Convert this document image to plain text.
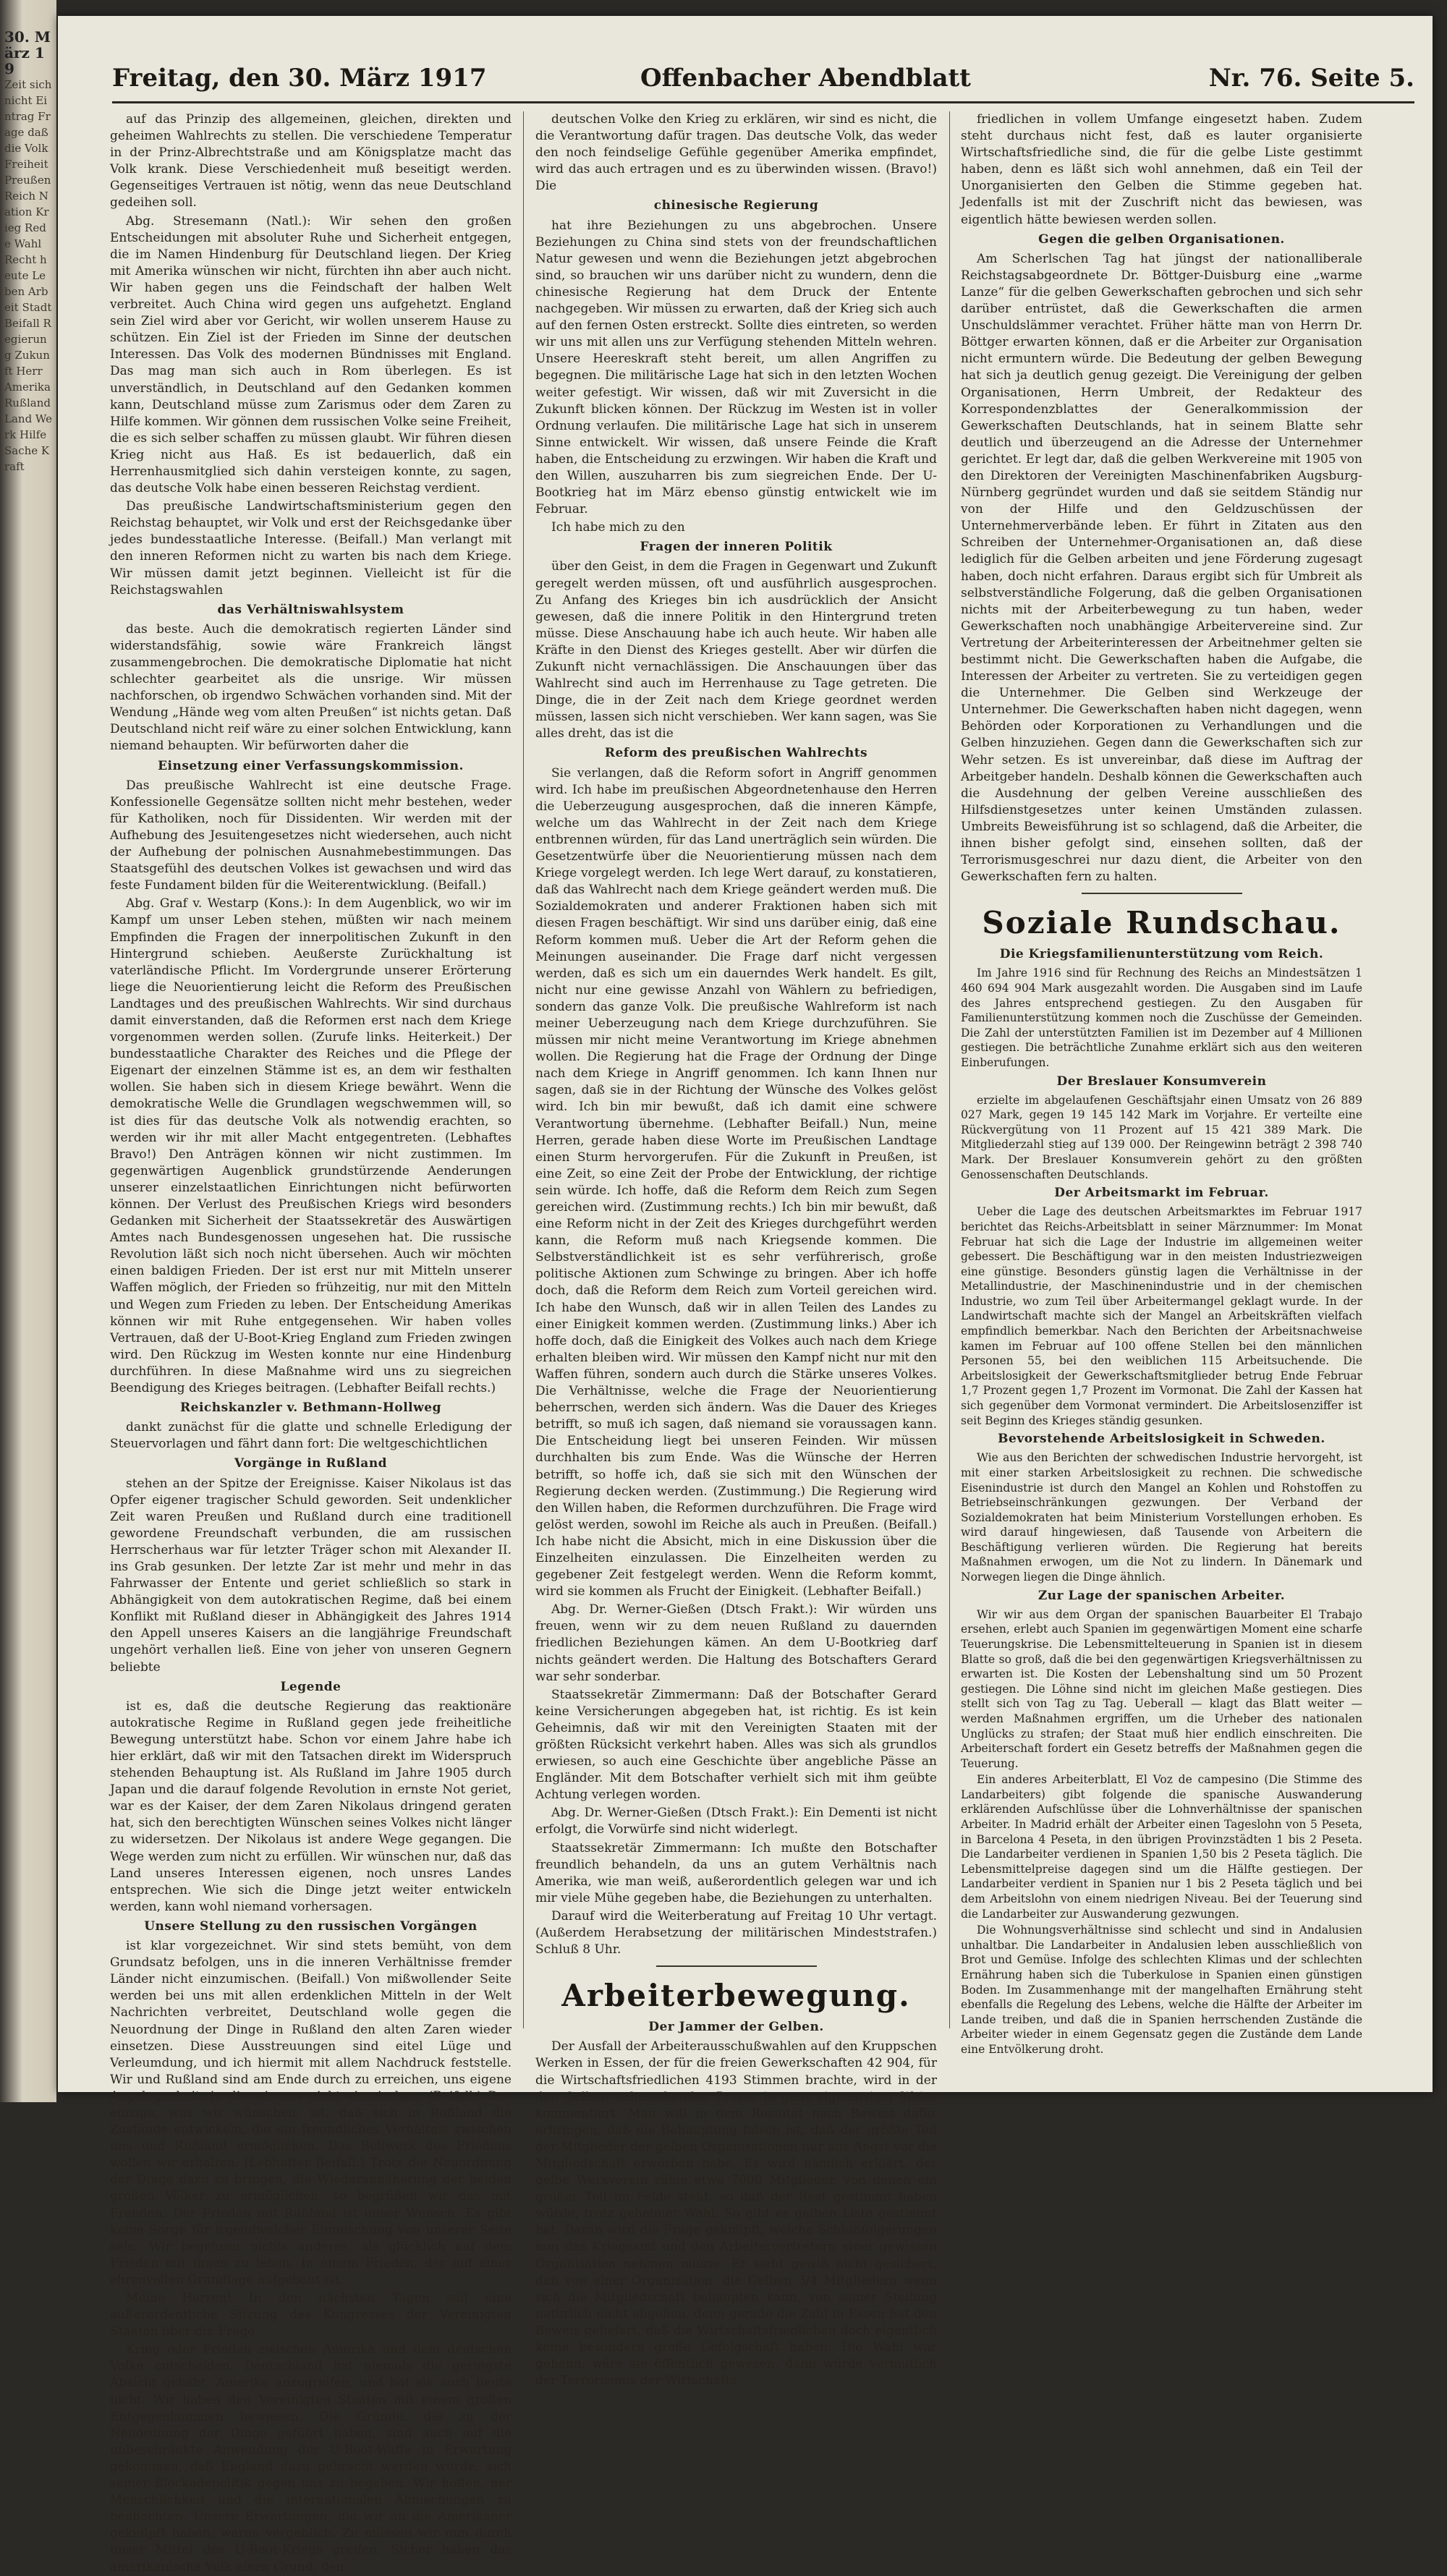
30. März 19
Zeit sich nicht Eintrag Frage daß die Volk Freiheit Preußen Reich Nation Krieg Rede Wahl Recht heute Leben Arbeit Stadt Beifall Regierung Zukunft Herr Amerika Rußland Land Werk Hilfe Sache Kraft
Freitag, den 30. März 1917	Offenbacher Abendblatt	Nr. 76. Seite 5.

auf das Prinzip des allgemeinen, gleichen, direkten und geheimen Wahlrechts zu stellen. Die verschiedene Temperatur in der Prinz-Albrechtstraße und am Königsplatze macht das Volk krank. Diese Verschiedenheit muß beseitigt werden. Gegenseitiges Vertrauen ist nötig, wenn das neue Deutschland gedeihen soll.

Abg. Stresemann (Natl.): Wir sehen den großen Entscheidungen mit absoluter Ruhe und Sicherheit entgegen, die im Namen Hindenburg für Deutschland liegen. Der Krieg mit Amerika wünschen wir nicht, fürchten ihn aber auch nicht. Wir haben gegen uns die Feindschaft der halben Welt verbreitet. Auch China wird gegen uns aufgehetzt. England sein Ziel wird aber vor Gericht, wir wollen unserem Hause zu schützen. Ein Ziel ist der Frieden im Sinne der deutschen Interessen. Das Volk des modernen Bündnisses mit England. Das mag man sich auch in Rom überlegen. Es ist unverständlich, in Deutschland auf den Gedanken kommen kann, Deutschland müsse zum Zarismus oder dem Zaren zu Hilfe kommen. Wir gönnen dem russischen Volke seine Freiheit, die es sich selber schaffen zu müssen glaubt. Wir führen diesen Krieg nicht aus Haß. Es ist bedauerlich, daß ein Herrenhausmitglied sich dahin versteigen konnte, zu sagen, das deutsche Volk habe einen besseren Reichstag verdient.

Das preußische Landwirtschaftsministerium gegen den Reichstag behauptet, wir Volk und erst der Reichsgedanke über jedes bundesstaatliche Interesse. (Beifall.) Man verlangt mit den inneren Reformen nicht zu warten bis nach dem Kriege. Wir müssen damit jetzt beginnen. Vielleicht ist für die Reichstagswahlen

das Verhältniswahlsystem

das beste. Auch die demokratisch regierten Länder sind widerstandsfähig, sowie wäre Frankreich längst zusammengebrochen. Die demokratische Diplomatie hat nicht schlechter gearbeitet als die unsrige. Wir müssen nachforschen, ob irgendwo Schwächen vorhanden sind. Mit der Wendung „Hände weg vom alten Preußen“ ist nichts getan. Daß Deutschland nicht reif wäre zu einer solchen Entwicklung, kann niemand behaupten. Wir befürworten daher die

Einsetzung einer Verfassungskommission.

Das preußische Wahlrecht ist eine deutsche Frage. Konfessionelle Gegensätze sollten nicht mehr bestehen, weder für Katholiken, noch für Dissidenten. Wir werden mit der Aufhebung des Jesuitengesetzes nicht wiedersehen, auch nicht der Aufhebung der polnischen Ausnahmebestimmungen. Das Staatsgefühl des deutschen Volkes ist gewachsen und wird das feste Fundament bilden für die Weiterentwicklung. (Beifall.)

Abg. Graf v. Westarp (Kons.): In dem Augenblick, wo wir im Kampf um unser Leben stehen, müßten wir nach meinem Empfinden die Fragen der innerpolitischen Zukunft in den Hintergrund schieben. Aeußerste Zurückhaltung ist vaterländische Pflicht. Im Vordergrunde unserer Erörterung liege die Neuorientierung leicht die Reform des Preußischen Landtages und des preußischen Wahlrechts. Wir sind durchaus damit einverstanden, daß die Reformen erst nach dem Kriege vorgenommen werden sollen. (Zurufe links. Heiterkeit.) Der bundesstaatliche Charakter des Reiches und die Pflege der Eigenart der einzelnen Stämme ist es, an dem wir festhalten wollen. Sie haben sich in diesem Kriege bewährt. Wenn die demokratische Welle die Grundlagen wegschwemmen will, so ist dies für das deutsche Volk als notwendig erachten, so werden wir ihr mit aller Macht entgegentreten. (Lebhaftes Bravo!) Den Anträgen können wir nicht zustimmen. Im gegenwärtigen Augenblick grundstürzende Aenderungen unserer einzelstaatlichen Einrichtungen nicht befürworten können. Der Verlust des Preußischen Kriegs wird besonders Gedanken mit Sicherheit der Staatssekretär des Auswärtigen Amtes nach Bundesgenossen ungesehen hat. Die russische Revolution läßt sich noch nicht übersehen. Auch wir möchten einen baldigen Frieden. Der ist erst nur mit Mitteln unserer Waffen möglich, der Frieden so frühzeitig, nur mit den Mitteln und Wegen zum Frieden zu leben. Der Entscheidung Amerikas können wir mit Ruhe entgegensehen. Wir haben volles Vertrauen, daß der U-Boot-Krieg England zum Frieden zwingen wird. Den Rückzug im Westen konnte nur eine Hindenburg durchführen. In diese Maßnahme wird uns zu siegreichen Beendigung des Krieges beitragen. (Lebhafter Beifall rechts.)

Reichskanzler v. Bethmann-Hollweg

dankt zunächst für die glatte und schnelle Erledigung der Steuervorlagen und fährt dann fort: Die weltgeschichtlichen

Vorgänge in Rußland

stehen an der Spitze der Ereignisse. Kaiser Nikolaus ist das Opfer eigener tragischer Schuld geworden. Seit undenklicher Zeit waren Preußen und Rußland durch eine traditionell gewordene Freundschaft verbunden, die am russischen Herrscherhaus war für letzter Träger schon mit Alexander II. ins Grab gesunken. Der letzte Zar ist mehr und mehr in das Fahrwasser der Entente und geriet schließlich so stark in Abhängigkeit von dem autokratischen Regime, daß bei einem Konflikt mit Rußland dieser in Abhängigkeit des Jahres 1914 den Appell unseres Kaisers an die langjährige Freundschaft ungehört verhallen ließ. Eine von jeher von unseren Gegnern beliebte

Legende

ist es, daß die deutsche Regierung das reaktionäre autokratische Regime in Rußland gegen jede freiheitliche Bewegung unterstützt habe. Schon vor einem Jahre habe ich hier erklärt, daß wir mit den Tatsachen direkt im Widerspruch stehenden Behauptung ist. Als Rußland im Jahre 1905 durch Japan und die darauf folgende Revolution in ernste Not geriet, war es der Kaiser, der dem Zaren Nikolaus dringend geraten hat, sich den berechtigten Wünschen seines Volkes nicht länger zu widersetzen. Der Nikolaus ist andere Wege gegangen. Die Wege werden zum nicht zu erfüllen. Wir wünschen nur, daß das Land unseres Interessen eigenen, noch unsres Landes entsprechen. Wie sich die Dinge jetzt weiter entwickeln werden, kann wohl niemand vorhersagen.

Unsere Stellung zu den russischen Vorgängen

ist klar vorgezeichnet. Wir sind stets bemüht, von dem Grundsatz befolgen, uns in die inneren Verhältnisse fremder Länder nicht einzumischen. (Beifall.) Von mißwollender Seite werden bei uns mit allen erdenklichen Mitteln in der Welt Nachrichten verbreitet, Deutschland wolle gegen die Neuordnung der Dinge in Rußland den alten Zaren wieder einsetzen. Diese Ausstreuungen sind eitel Lüge und Verleumdung, und ich hiermit mit allem Nachdruck feststelle. Wir und Rußland sind am Ende durch zu erreichen, uns eigene Angelegenheit, in die wir uns nicht einmischen. (Beifall.) Das einzige, was wir wünschen, ist, daß sich in Rußland die Zustände entwickeln, die ein freundliches Verhältnis zwischen uns und Rußland ermöglichen. Das Bollwerk des Friedens wollen wir erhalten. (Lebhafter Beifall.) Trotz die Neuordnung der Dinge dazu zu bringen, die Wiederannäherung der beiden großen Völker zu ermöglichen, so begrüßen wir das mit Freuden. Der Frieden mit Rußland ist unser Wunsch. Es gibt keine Sorge für irgendwelcher Einmischung von unserer Seite sein. Wir begehren nichts anderes, als glücklich auf dem Frieden mit ihnen zu leben. In einem Frieden, der auf einer ehrenvollen Grundlage aufgebaut ist.

Meine Herren! In den nächsten Tagen soll eine außerordentliche Sitzung des Kongresses der Vereinigten Staaten über die Frage

Krieg oder Frieden zwischen Amerika und dem deutschen Volke entscheiden. Deutschland hat niemals die geringste Absicht gehabt, Amerika anzugreifen, und hat sie auch heute nicht. Wir haben den Vereinigten Staaten mit einem großen Entgegenkommen bewiesen. Die Gründe, die zu der Neuordnung der Dinge geführt haben, sind auch auf die unbeschränkte Anwendung der U-Boot-Waffe in Erwartung gekommen, daß England dazu gebracht werden würde, sich seiner Blockadepolitik gegen uns zu begeben. Wir hoffen, der Menschlichkeit und die internationalen Abmachungen zu beobachten. Unsere Erwartungen, die wir an die Amerikaner geknüpft haben, waren vergeblich. Zu müssen wir nun durch unser Mittel des U-Boot-Kriegs greifen. Sicher haben das amerikanische Volk einen Grund, den

deutschen Volke den Krieg zu erklären, wir sind es nicht, die die Verantwortung dafür tragen. Das deutsche Volk, das weder den noch feindselige Gefühle gegenüber Amerika empfindet, wird das auch ertragen und es zu überwinden wissen. (Bravo!) Die

chinesische Regierung

hat ihre Beziehungen zu uns abgebrochen. Unsere Beziehungen zu China sind stets von der freundschaftlichen Natur gewesen und wenn die Beziehungen jetzt abgebrochen sind, so brauchen wir uns darüber nicht zu wundern, denn die chinesische Regierung hat dem Druck der Entente nachgegeben. Wir müssen zu erwarten, daß der Krieg sich auch auf den fernen Osten erstreckt. Sollte dies eintreten, so werden wir uns mit allen uns zur Verfügung stehenden Mitteln wehren. Unsere Heereskraft steht bereit, um allen Angriffen zu begegnen. Die militärische Lage hat sich in den letzten Wochen weiter gefestigt. Wir wissen, daß wir mit Zuversicht in die Zukunft blicken können. Der Rückzug im Westen ist in voller Ordnung verlaufen. Die militärische Lage hat sich in unserem Sinne entwickelt. Wir wissen, daß unsere Feinde die Kraft haben, die Entscheidung zu erzwingen. Wir haben die Kraft und den Willen, auszuharren bis zum siegreichen Ende. Der U-Bootkrieg hat im März ebenso günstig entwickelt wie im Februar.

Ich habe mich zu den

Fragen der inneren Politik

über den Geist, in dem die Fragen in Gegenwart und Zukunft geregelt werden müssen, oft und ausführlich ausgesprochen. Zu Anfang des Krieges bin ich ausdrücklich der Ansicht gewesen, daß die innere Politik in den Hintergrund treten müsse. Diese Anschauung habe ich auch heute. Wir haben alle Kräfte in den Dienst des Krieges gestellt. Aber wir dürfen die Zukunft nicht vernachlässigen. Die Anschauungen über das Wahlrecht sind auch im Herrenhause zu Tage getreten. Die Dinge, die in der Zeit nach dem Kriege geordnet werden müssen, lassen sich nicht verschieben. Wer kann sagen, was Sie alles dreht, das ist die

Reform des preußischen Wahlrechts

Sie verlangen, daß die Reform sofort in Angriff genommen wird. Ich habe im preußischen Abgeordnetenhause den Herren die Ueberzeugung ausgesprochen, daß die inneren Kämpfe, welche um das Wahlrecht in der Zeit nach dem Kriege entbrennen würden, für das Land unerträglich sein würden. Die Gesetzentwürfe über die Neuorientierung müssen nach dem Kriege vorgelegt werden. Ich lege Wert darauf, zu konstatieren, daß das Wahlrecht nach dem Kriege geändert werden muß. Die Sozialdemokraten und anderer Fraktionen haben sich mit diesen Fragen beschäftigt. Wir sind uns darüber einig, daß eine Reform kommen muß. Ueber die Art der Reform gehen die Meinungen auseinander. Die Frage darf nicht vergessen werden, daß es sich um ein dauerndes Werk handelt. Es gilt, nicht nur eine gewisse Anzahl von Wählern zu befriedigen, sondern das ganze Volk. Die preußische Wahlreform ist nach meiner Ueberzeugung nach dem Kriege durchzuführen. Sie müssen mir nicht meine Verantwortung im Kriege abnehmen wollen. Die Regierung hat die Frage der Ordnung der Dinge nach dem Kriege in Angriff genommen. Ich kann Ihnen nur sagen, daß sie in der Richtung der Wünsche des Volkes gelöst wird. Ich bin mir bewußt, daß ich damit eine schwere Verantwortung übernehme. (Lebhafter Beifall.) Nun, meine Herren, gerade haben diese Worte im Preußischen Landtage einen Sturm hervorgerufen. Für die Zukunft in Preußen, ist eine Zeit, so eine Zeit der Probe der Entwicklung, der richtige sein würde. Ich hoffe, daß die Reform dem Reich zum Segen gereichen wird. (Zustimmung rechts.) Ich bin mir bewußt, daß eine Reform nicht in der Zeit des Krieges durchgeführt werden kann, die Reform muß nach Kriegsende kommen. Die Selbstverständlichkeit ist es sehr verführerisch, große politische Aktionen zum Schwinge zu bringen. Aber ich hoffe doch, daß die Reform dem Reich zum Vorteil gereichen wird. Ich habe den Wunsch, daß wir in allen Teilen des Landes zu einer Einigkeit kommen werden. (Zustimmung links.) Aber ich hoffe doch, daß die Einigkeit des Volkes auch nach dem Kriege erhalten bleiben wird. Wir müssen den Kampf nicht nur mit den Waffen führen, sondern auch durch die Stärke unseres Volkes. Die Verhältnisse, welche die Frage der Neuorientierung beherrschen, werden sich ändern. Was die Dauer des Krieges betrifft, so muß ich sagen, daß niemand sie voraussagen kann. Die Entscheidung liegt bei unseren Feinden. Wir müssen durchhalten bis zum Ende. Was die Wünsche der Herren betrifft, so hoffe ich, daß sie sich mit den Wünschen der Regierung decken werden. (Zustimmung.) Die Regierung wird den Willen haben, die Reformen durchzuführen. Die Frage wird gelöst werden, sowohl im Reiche als auch in Preußen. (Beifall.) Ich habe nicht die Absicht, mich in eine Diskussion über die Einzelheiten einzulassen. Die Einzelheiten werden zu gegebener Zeit festgelegt werden. Wenn die Reform kommt, wird sie kommen als Frucht der Einigkeit. (Lebhafter Beifall.)

Abg. Dr. Werner-Gießen (Dtsch Frakt.): Wir würden uns freuen, wenn wir zu dem neuen Rußland zu dauernden friedlichen Beziehungen kämen. An dem U-Bootkrieg darf nichts geändert werden. Die Haltung des Botschafters Gerard war sehr sonderbar.

Staatssekretär Zimmermann: Daß der Botschafter Gerard keine Versicherungen abgegeben hat, ist richtig. Es ist kein Geheimnis, daß wir mit den Vereinigten Staaten mit der größten Rücksicht verkehrt haben. Alles was sich als grundlos erwiesen, so auch eine Geschichte über angebliche Pässe an Engländer. Mit dem Botschafter verhielt sich mit ihm geübte Achtung verlegen worden.

Abg. Dr. Werner-Gießen (Dtsch Frakt.): Ein Dementi ist nicht erfolgt, die Vorwürfe sind nicht widerlegt.

Staatssekretär Zimmermann: Ich mußte den Botschafter freundlich behandeln, da uns an gutem Verhältnis nach Amerika, wie man weiß, außerordentlich gelegen war und ich mir viele Mühe gegeben habe, die Beziehungen zu unterhalten.

Darauf wird die Weiterberatung auf Freitag 10 Uhr vertagt. (Außerdem Herabsetzung der militärischen Mindeststrafen.) Schluß 8 Uhr.

Arbeiterbewegung.

Der Jammer der Gelben.

Der Ausfall der Arbeiterausschußwahlen auf den Kruppschen Werken in Essen, der für die freien Gewerkschaften 42 904, für die Wirtschaftsfriedlichen 4193 Stimmen brachte, wird in der den Gelben nahestehenden Presse in ganz eigenartiger Weise kommentiert. Man will in dem Resultat nach Beweis dafür erbringen, daß die Behauptung falsch ist, daß der größte Teil der Mitglieder der gelben Organisationen nur aus Angst vor die Mitgliedschaft erworben habe. Es wird nämlich erklärt, der gelbe Werkverein zähle etwa 7000 Mitglieder, von denen ein großer Teil im Felde steht, so daß der Rest gestimmt haben würde, trotz geheimer Wahl. So gibt es gelben Liste gestimmt hat. Daran wird die Frage geknüpft, welche Schlußfolgerungen nun das Kriegsamt und den Arbeitervertretern einer gewissen Organisation nehmen müsse. Er sieht gewiß nicht gesichert, daß von einer Organisation, die Gelben 3/4 Mitgliedern wenn sich die Mitgliedschaft behaupten kann, von seiner Stellung natürlich nicht abgehen, denn gerade die Zahl in Essen hat den Beweis geliefert, daß die Wirtschaftsfriedlichen doch eigentlich keine besondere große Gefolgschaft haben. Die Wahl war geheim, wäre sie öffentlich gewesen, dann würde vermutlich der Terrorismus der Wirtschafts-

friedlichen in vollem Umfange eingesetzt haben. Zudem steht durchaus nicht fest, daß es lauter organisierte Wirtschaftsfriedliche sind, die für die gelbe Liste gestimmt haben, denn es läßt sich wohl annehmen, daß ein Teil der Unorganisierten den Gelben die Stimme gegeben hat. Jedenfalls ist mit der Zuschrift nicht das bewiesen, was eigentlich hätte bewiesen werden sollen.

Gegen die gelben Organisationen.

Am Scherlschen Tag hat jüngst der nationalliberale Reichstagsabgeordnete Dr. Böttger-Duisburg eine „warme Lanze“ für die gelben Gewerkschaften gebrochen und sich sehr darüber entrüstet, daß die Gewerkschaften die armen Unschuldslämmer verachtet. Früher hätte man von Herrn Dr. Böttger erwarten können, daß er die Arbeiter zur Organisation nicht ermuntern würde. Die Bedeutung der gelben Bewegung hat sich ja deutlich genug gezeigt. Die Vereinigung der gelben Organisationen, Herrn Umbreit, der Redakteur des Korrespondenzblattes der Generalkommission der Gewerkschaften Deutschlands, hat in seinem Blatte sehr deutlich und überzeugend an die Adresse der Unternehmer gerichtet. Er legt dar, daß die gelben Werkvereine mit 1905 von den Direktoren der Vereinigten Maschinenfabriken Augsburg-Nürnberg gegründet wurden und daß sie seitdem Ständig nur von der Hilfe und den Geldzuschüssen der Unternehmerverbände leben. Er führt in Zitaten aus den Schreiben der Unternehmer-Organisationen an, daß diese lediglich für die Gelben arbeiten und jene Förderung zugesagt haben, doch nicht erfahren. Daraus ergibt sich für Umbreit als selbstverständliche Folgerung, daß die gelben Organisationen nichts mit der Arbeiterbewegung zu tun haben, weder Gewerkschaften noch unabhängige Arbeitervereine sind. Zur Vertretung der Arbeiterinteressen der Arbeitnehmer gelten sie bestimmt nicht. Die Gewerkschaften haben die Aufgabe, die Interessen der Arbeiter zu vertreten. Sie zu verteidigen gegen die Unternehmer. Die Gelben sind Werkzeuge der Unternehmer. Die Gewerkschaften haben nicht dagegen, wenn Behörden oder Korporationen zu Verhandlungen und die Gelben hinzuziehen. Gegen dann die Gewerkschaften sich zur Wehr setzen. Es ist unvereinbar, daß diese im Auftrag der Arbeitgeber handeln. Deshalb können die Gewerkschaften auch die Ausdehnung der gelben Vereine ausschließen des Hilfsdienstgesetzes unter keinen Umständen zulassen. Umbreits Beweisführung ist so schlagend, daß die Arbeiter, die ihnen bisher gefolgt sind, einsehen sollten, daß der Terrorismusgeschrei nur dazu dient, die Arbeiter von den Gewerkschaften fern zu halten.

Soziale Rundschau.

Die Kriegsfamilienunterstützung vom Reich.

Im Jahre 1916 sind für Rechnung des Reichs an Mindestsätzen 1 460 694 904 Mark ausgezahlt worden. Die Ausgaben sind im Laufe des Jahres entsprechend gestiegen. Zu den Ausgaben für Familienunterstützung kommen noch die Zuschüsse der Gemeinden. Die Zahl der unterstützten Familien ist im Dezember auf 4 Millionen gestiegen. Die beträchtliche Zunahme erklärt sich aus den weiteren Einberufungen.

Der Breslauer Konsumverein

erzielte im abgelaufenen Geschäftsjahr einen Umsatz von 26 889 027 Mark, gegen 19 145 142 Mark im Vorjahre. Er verteilte eine Rückvergütung von 11 Prozent auf 15 421 389 Mark. Die Mitgliederzahl stieg auf 139 000. Der Reingewinn beträgt 2 398 740 Mark. Der Breslauer Konsumverein gehört zu den größten Genossenschaften Deutschlands.

Der Arbeitsmarkt im Februar.

Ueber die Lage des deutschen Arbeitsmarktes im Februar 1917 berichtet das Reichs-Arbeitsblatt in seiner Märznummer: Im Monat Februar hat sich die Lage der Industrie im allgemeinen weiter gebessert. Die Beschäftigung war in den meisten Industriezweigen eine günstige. Besonders günstig lagen die Verhältnisse in der Metallindustrie, der Maschinenindustrie und in der chemischen Industrie, wo zum Teil über Arbeitermangel geklagt wurde. In der Landwirtschaft machte sich der Mangel an Arbeitskräften vielfach empfindlich bemerkbar. Nach den Berichten der Arbeitsnachweise kamen im Februar auf 100 offene Stellen bei den männlichen Personen 55, bei den weiblichen 115 Arbeitsuchende. Die Arbeitslosigkeit der Gewerkschaftsmitglieder betrug Ende Februar 1,7 Prozent gegen 1,7 Prozent im Vormonat. Die Zahl der Kassen hat sich gegenüber dem Vormonat vermindert. Die Arbeitslosenziffer ist seit Beginn des Krieges ständig gesunken.

Bevorstehende Arbeitslosigkeit in Schweden.

Wie aus den Berichten der schwedischen Industrie hervorgeht, ist mit einer starken Arbeitslosigkeit zu rechnen. Die schwedische Eisenindustrie ist durch den Mangel an Kohlen und Rohstoffen zu Betriebseinschränkungen gezwungen. Der Verband der Sozialdemokraten hat beim Ministerium Vorstellungen erhoben. Es wird darauf hingewiesen, daß Tausende von Arbeitern die Beschäftigung verlieren würden. Die Regierung hat bereits Maßnahmen erwogen, um die Not zu lindern. In Dänemark und Norwegen liegen die Dinge ähnlich.

Zur Lage der spanischen Arbeiter.

Wir wir aus dem Organ der spanischen Bauarbeiter El Trabajo ersehen, erlebt auch Spanien im gegenwärtigen Moment eine scharfe Teuerungskrise. Die Lebensmittelteuerung in Spanien ist in diesem Blatte so groß, daß die bei den gegenwärtigen Kriegsverhältnissen zu erwarten ist. Die Kosten der Lebenshaltung sind um 50 Prozent gestiegen. Die Löhne sind nicht im gleichen Maße gestiegen. Dies stellt sich von Tag zu Tag. Ueberall — klagt das Blatt weiter — werden Maßnahmen ergriffen, um die Urheber des nationalen Unglücks zu strafen; der Staat muß hier endlich einschreiten. Die Arbeiterschaft fordert ein Gesetz betreffs der Maßnahmen gegen die Teuerung.

Ein anderes Arbeiterblatt, El Voz de campesino (Die Stimme des Landarbeiters) gibt folgende die spanische Auswanderung erklärenden Aufschlüsse über die Lohnverhältnisse der spanischen Arbeiter. In Madrid erhält der Arbeiter einen Tageslohn von 5 Peseta, in Barcelona 4 Peseta, in den übrigen Provinzstädten 1 bis 2 Peseta. Die Landarbeiter verdienen in Spanien 1,50 bis 2 Peseta täglich. Die Lebensmittelpreise dagegen sind um die Hälfte gestiegen. Der Landarbeiter verdient in Spanien nur 1 bis 2 Peseta täglich und bei dem Arbeitslohn von einem niedrigen Niveau. Bei der Teuerung sind die Landarbeiter zur Auswanderung gezwungen.

Die Wohnungsverhältnisse sind schlecht und sind in Andalusien unhaltbar. Die Landarbeiter in Andalusien leben ausschließlich von Brot und Gemüse. Infolge des schlechten Klimas und der schlechten Ernährung haben sich die Tuberkulose in Spanien einen günstigen Boden. Im Zusammenhange mit der mangelhaften Ernährung steht ebenfalls die Regelung des Lebens, welche die Hälfte der Arbeiter im Lande treiben, und daß die in Spanien herrschenden Zustände die Arbeiter wieder in einem Gegensatz gegen die Zustände dem Lande eine Entvölkerung droht.
